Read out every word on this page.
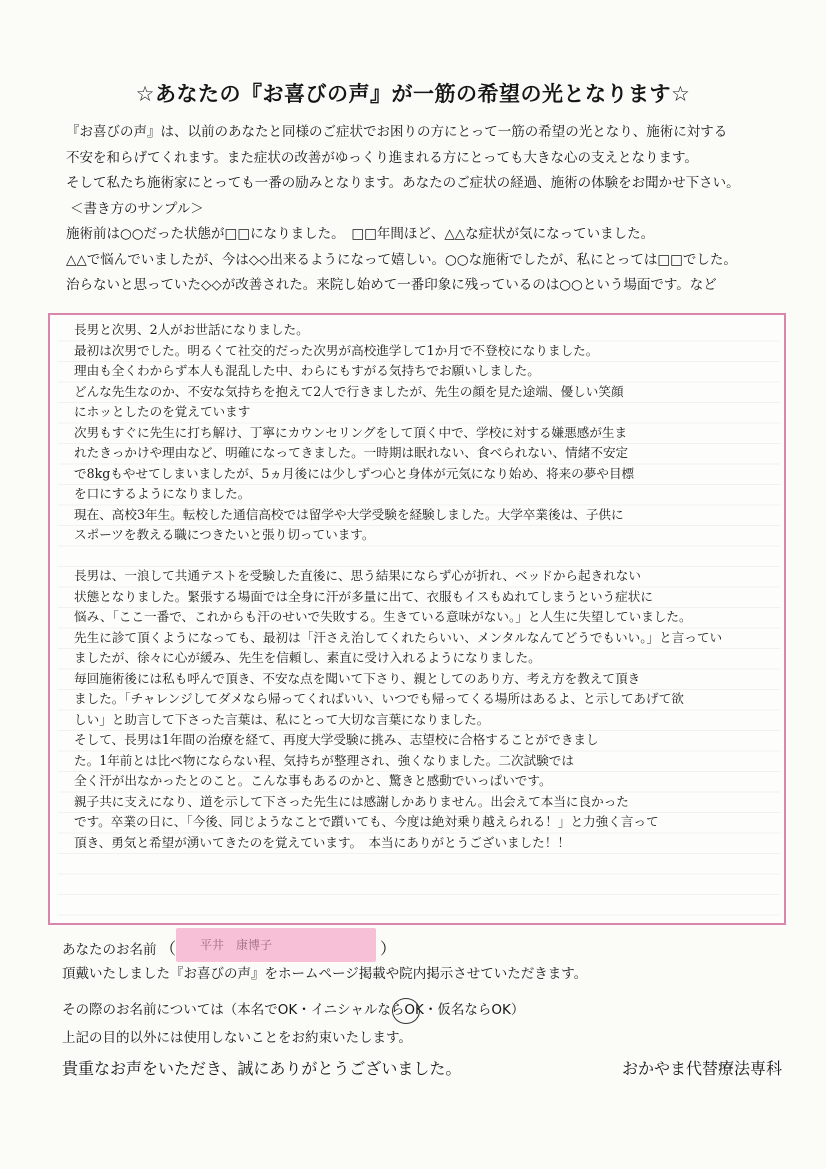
☆あなたの『お喜びの声』が一筋の希望の光となります☆
『お喜びの声』は、以前のあなたと同様のご症状でお困りの方にとって一筋の希望の光となり、施術に対する
不安を和らげてくれます。また症状の改善がゆっくり進まれる方にとっても大きな心の支えとなります。
そして私たち施術家にとっても一番の励みとなります。あなたのご症状の経過、施術の体験をお聞かせ下さい。
＜書き方のサンプル＞
施術前は○○だった状態が□□になりました。　□□年間ほど、△△な症状が気になっていました。
△△で悩んでいましたが、今は◇◇出来るようになって嬉しい。○○な施術でしたが、私にとっては□□でした。
治らないと思っていた◇◇が改善された。来院し始めて一番印象に残っているのは○○という場面です。など
長男と次男、2人がお世話になりました。
最初は次男でした。明るくて社交的だった次男が高校進学して1か月で不登校になりました。
理由も全くわからず本人も混乱した中、わらにもすがる気持ちでお願いしました。
どんな先生なのか、不安な気持ちを抱えて2人で行きましたが、先生の顔を見た途端、優しい笑顔
にホッとしたのを覚えています
次男もすぐに先生に打ち解け、丁寧にカウンセリングをして頂く中で、学校に対する嫌悪感が生ま
れたきっかけや理由など、明確になってきました。一時期は眠れない、食べられない、情緒不安定
で8kgもやせてしまいましたが、5ヵ月後には少しずつ心と身体が元気になり始め、将来の夢や目標
を口にするようになりました。
現在、高校3年生。転校した通信高校では留学や大学受験を経験しました。大学卒業後は、子供に
スポーツを教える職につきたいと張り切っています。
長男は、一浪して共通テストを受験した直後に、思う結果にならず心が折れ、ベッドから起きれない
状態となりました。緊張する場面では全身に汗が多量に出て、衣服もイスもぬれてしまうという症状に
悩み、「ここ一番で、これからも汗のせいで失敗する。生きている意味がない。」と人生に失望していました。
先生に診て頂くようになっても、最初は「汗さえ治してくれたらいい、メンタルなんてどうでもいい。」と言ってい
ましたが、徐々に心が緩み、先生を信頼し、素直に受け入れるようになりました。
毎回施術後には私も呼んで頂き、不安な点を聞いて下さり、親としてのあり方、考え方を教えて頂き
ました。「チャレンジしてダメなら帰ってくればいい、いつでも帰ってくる場所はあるよ、と示してあげて欲
しい」と助言して下さった言葉は、私にとって大切な言葉になりました。
そして、長男は1年間の治療を経て、再度大学受験に挑み、志望校に合格することができまし
た。1年前とは比べ物にならない程、気持ちが整理され、強くなりました。二次試験では
全く汗が出なかったとのこと。こんな事もあるのかと、驚きと感動でいっぱいです。
親子共に支えになり、道を示して下さった先生には感謝しかありません。出会えて本当に良かった
です。卒業の日に、「今後、同じようなことで躓いても、今度は絶対乗り越えられる！」と力強く言って
頂き、勇気と希望が湧いてきたのを覚えています。　本当にありがとうございました！！
あなたのお名前 （ 平井　康博子	）
頂戴いたしました『お喜びの声』をホームページ掲載や院内掲示させていただきます。
その際のお名前については（本名でOK・イニシャルならOK・仮名ならOK）
上記の目的以外には使用しないことをお約束いたします。
貴重なお声をいただき、誠にありがとうございました。	おかやま代替療法専科
